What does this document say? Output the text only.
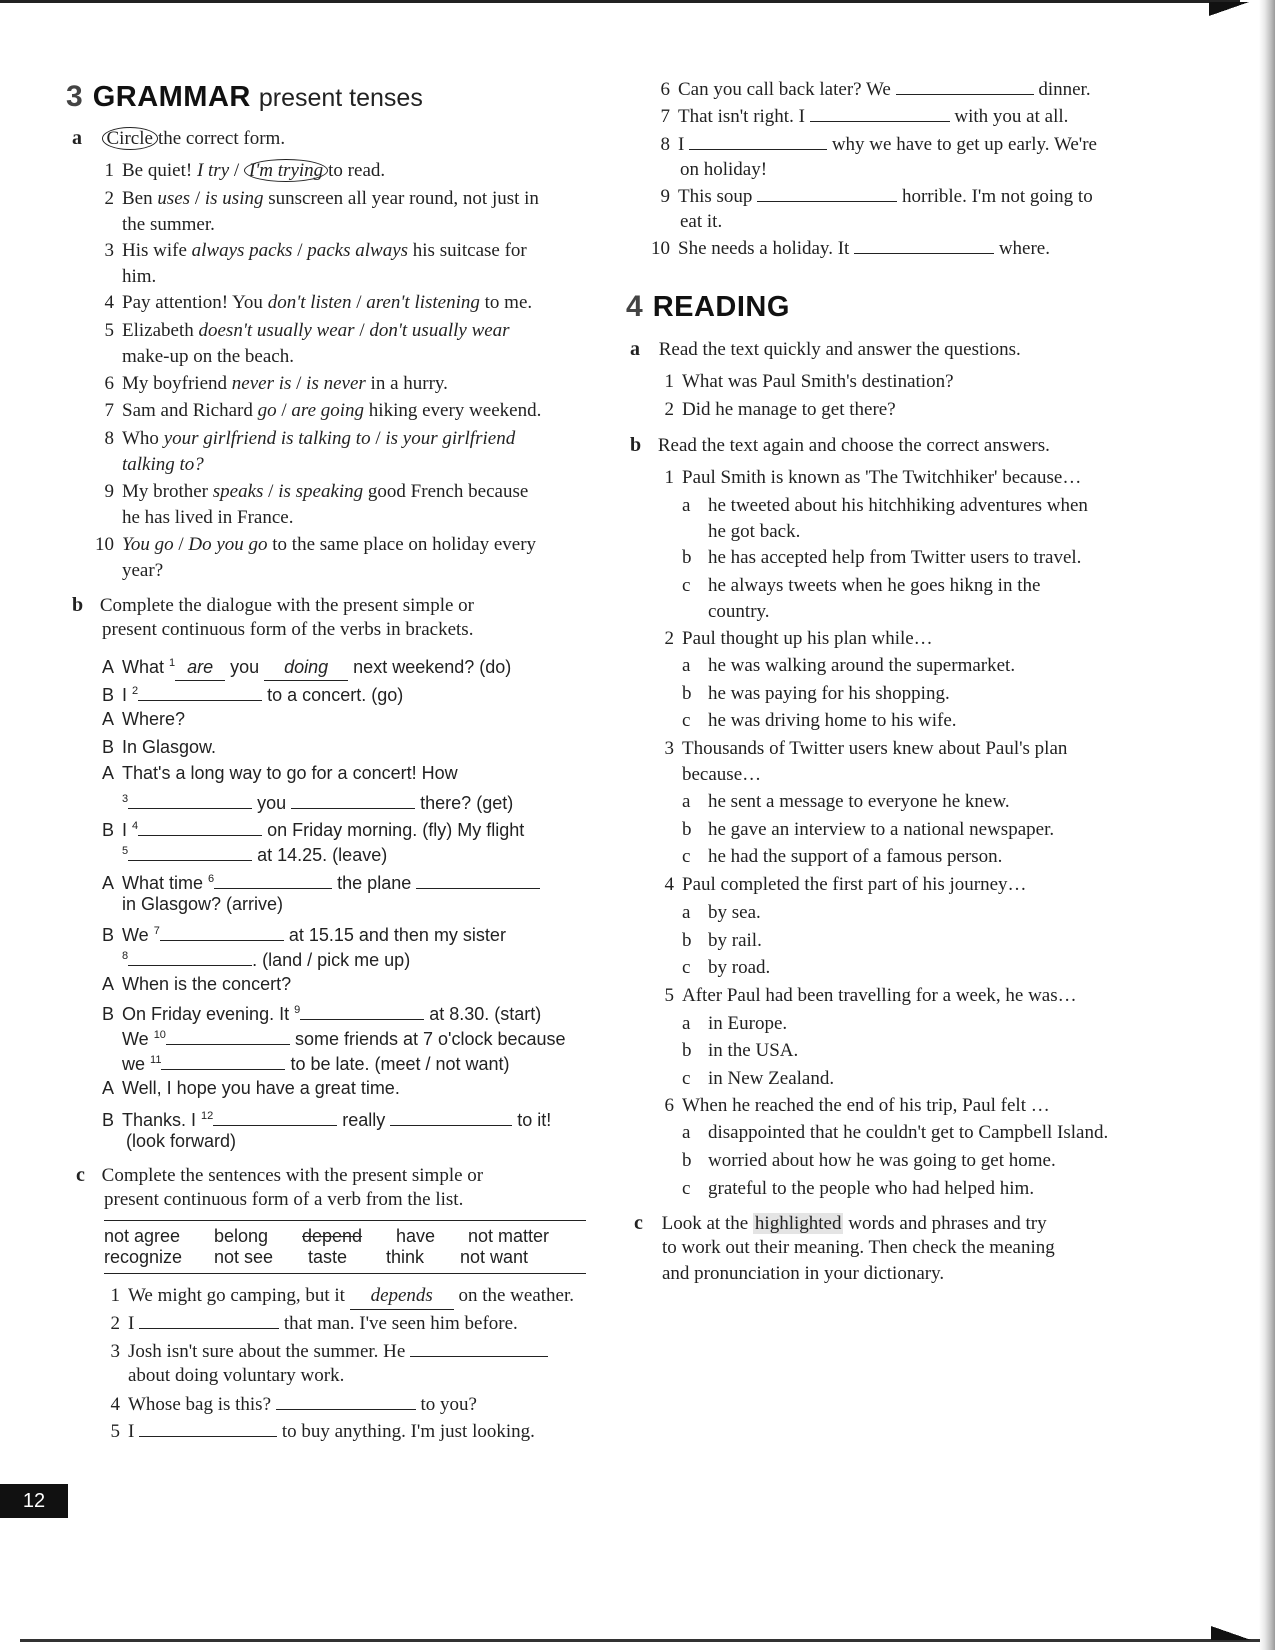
3 GRAMMAR present tenses
a Circle the correct form.
1 Be quiet! I try / I'm trying to read.
2 Ben uses / is using sunscreen all year round, not just in
the summer.
3 His wife always packs / packs always his suitcase for
him.
4 Pay attention! You don't listen / aren't listening to me.
5 Elizabeth doesn't usually wear / don't usually wear
make-up on the beach.
6 My boyfriend never is / is never in a hurry.
7 Sam and Richard go / are going hiking every weekend.
8 Who your girlfriend is talking to / is your girlfriend
talking to?
9 My brother speaks / is speaking good French because
he has lived in France.
10 You go / Do you go to the same place on holiday every
year?
b Complete the dialogue with the present simple or
present continuous form of the verbs in brackets.
A What $^1$ are you doing next weekend? (do)
B I $^2$	to a concert. (go)
A Where?
B In Glasgow.
A That's a long way to go for a concert! How
$^3$	you	there? (get)
B I $^4$	on Friday morning. (fly) My flight
$^5$	at 14.25. (leave)
A What time $^6$	the plane
in Glasgow? (arrive)
B We $^7$	at 15.15 and then my sister
$^8$	. (land / pick me up)
A When is the concert?
B On Friday evening. It $^9$	at 8.30. (start)
We $^{10}$	some friends at 7 o'clock because
we $^{11}$	to be late. (meet / not want)
A Well, I hope you have a great time.
B Thanks. I $^{12}$	really	to it!
(look forward)
c Complete the sentences with the present simple or
present continuous form of a verb from the list.
not agree belong depend have not matter
recognize not see taste think not want
1 We might go camping, but it depends on the weather.
2 I	that man. I've seen him before.
3 Josh isn't sure about the summer. He
about doing voluntary work.
4 Whose bag is this?	to you?
5 I	to buy anything. I'm just looking.
6 Can you call back later? We	dinner.
7 That isn't right. I	with you at all.
8 I	why we have to get up early. We're
on holiday!
9 This soup	horrible. I'm not going to
eat it.
10 She needs a holiday. It	where.
4 READING
a Read the text quickly and answer the questions.
1 What was Paul Smith's destination?
2 Did he manage to get there?
b Read the text again and choose the correct answers.
1 Paul Smith is known as 'The Twitchhiker' because…
a he tweeted about his hitchhiking adventures when
he got back.
b he has accepted help from Twitter users to travel.
c he always tweets when he goes hikng in the
country.
2 Paul thought up his plan while…
a he was walking around the supermarket.
b he was paying for his shopping.
c he was driving home to his wife.
3 Thousands of Twitter users knew about Paul's plan
because…
a he sent a message to everyone he knew.
b he gave an interview to a national newspaper.
c he had the support of a famous person.
4 Paul completed the first part of his journey…
a by sea.
b by rail.
c by road.
5 After Paul had been travelling for a week, he was…
a in Europe.
b in the USA.
c in New Zealand.
6 When he reached the end of his trip, Paul felt …
a disappointed that he couldn't get to Campbell Island.
b worried about how he was going to get home.
c grateful to the people who had helped him.
c Look at the highlighted words and phrases and try
to work out their meaning. Then check the meaning
and pronunciation in your dictionary.
12
